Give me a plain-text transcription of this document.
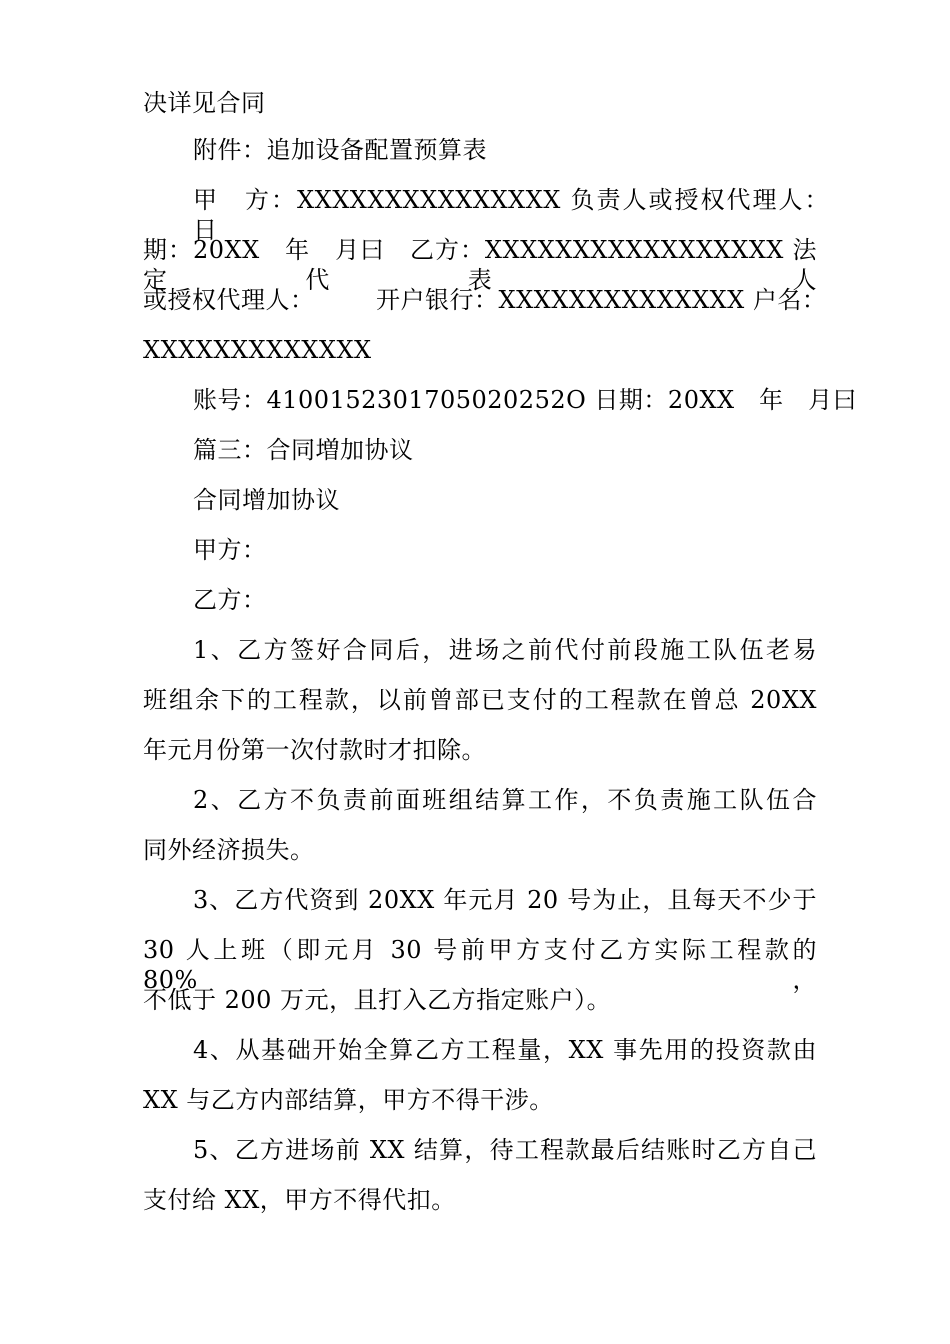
决详见合同
附件：追加设备配置预算表
甲　方：XXXXXXXXXXXXXXX 负责人或授权代理人：　日
期：20XX　年　月曰　乙方：XXXXXXXXXXXXXXXXX 法定代表　人
或授权代理人：　　　开户银行：XXXXXXXXXXXXXX 户名：
XXXXXXXXXXXXX
账号：4100152301705020252O 日期：20XX　年　月曰
篇三：合同増加协议
合同增加协议
甲方：
乙方：
1、乙方签好合同后，进场之前代付前段施工队伍老易
班组余下的工程款，以前曾部已支付的工程款在曾总 20XX
年元月份第一次付款时才扣除。
2、乙方不负责前面班组结算工作，不负责施工队伍合
同外经济损失。
3、乙方代资到 20XX 年元月 20 号为止，且每天不少于
30 人上班（即元月 30 号前甲方支付乙方实际工程款的 80%，
不低于 200 万元，且打入乙方指定账户）。
4、从基础开始全算乙方工程量，XX 事先用的投资款由
XX 与乙方内部结算，甲方不得干涉。
5、乙方进场前 XX 结算，待工程款最后结账时乙方自己
支付给 XX，甲方不得代扣。
